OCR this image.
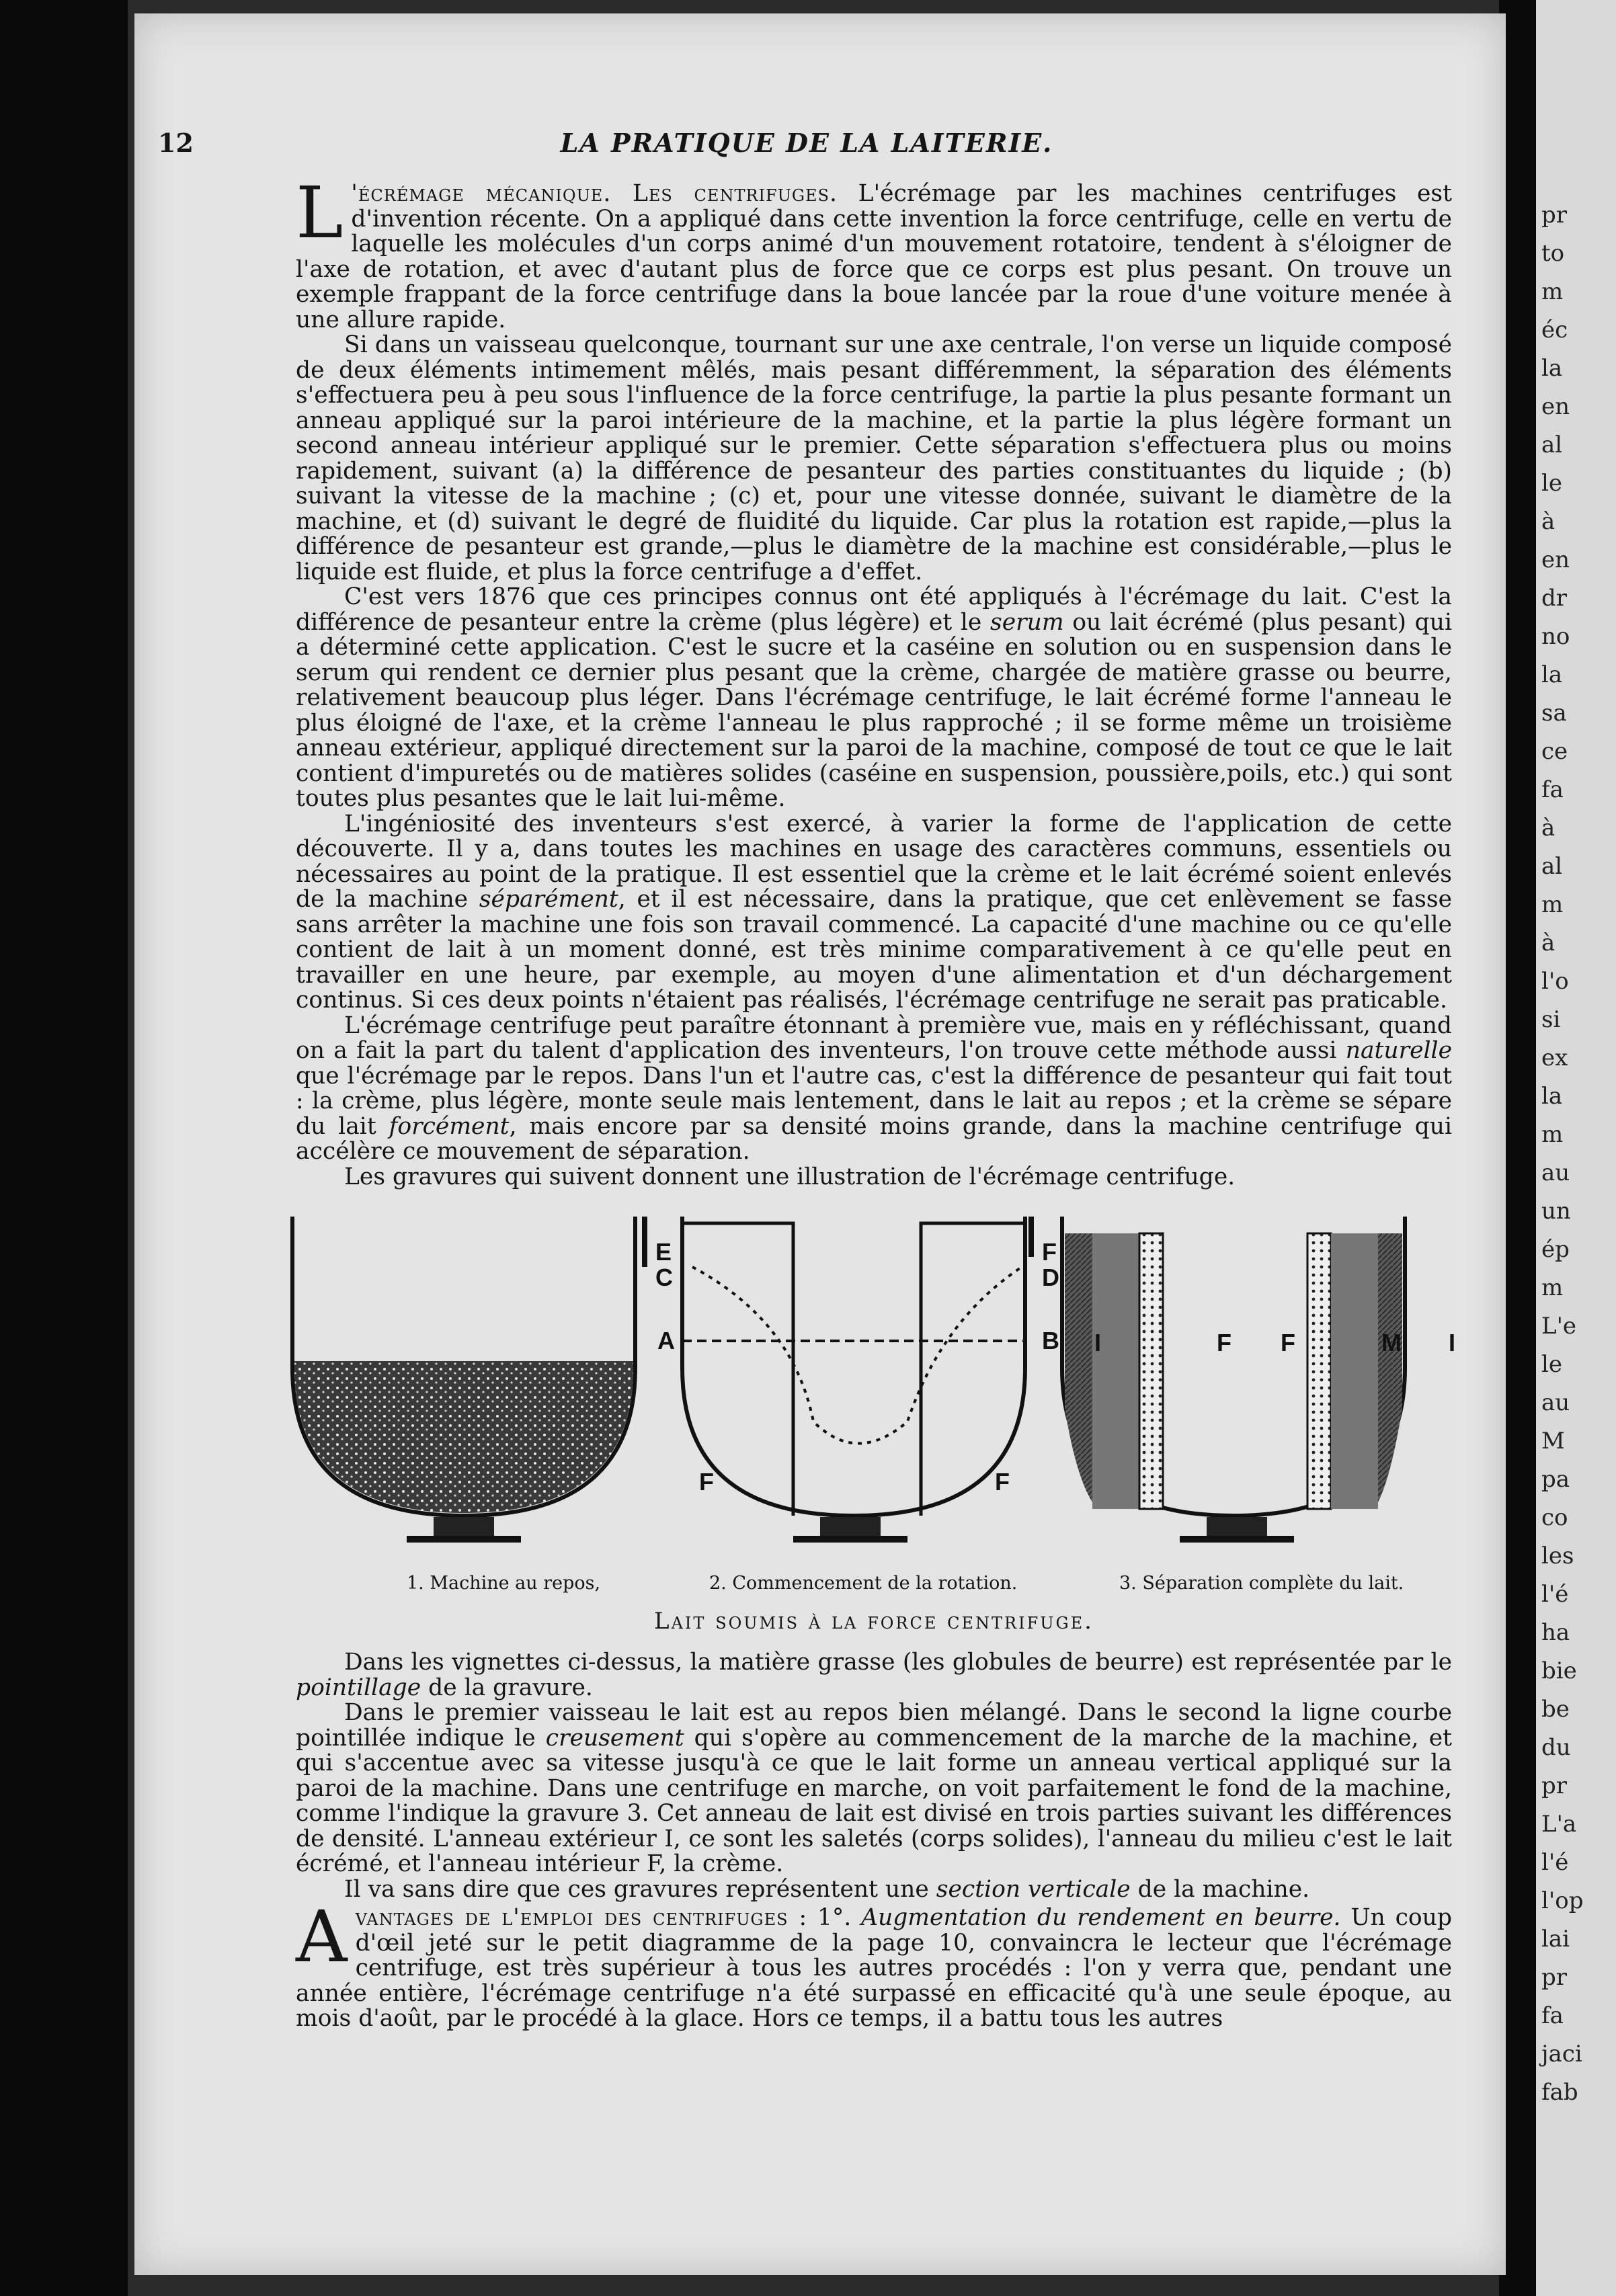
pr
to
m
éc
la
en
al
le
à
en
dr
no
la
sa
ce
fa
à
al
m
à
l'o
si
ex
la
m
au
un
ép
m
L'e
le
au
M
pa
co
les
l'é
ha
bie
be
du
pr
L'a
l'é
l'op
lai
pr
fa
jaci
fab
12	LA PRATIQUE DE LA LAITERIE.

L 'écrémage mécanique. Les centrifuges. L'écrémage par les machines centrifuges est d'invention récente. On a appliqué dans cette invention la force centrifuge, celle en vertu de laquelle les molécules d'un corps animé d'un mouvement rotatoire, tendent à s'éloigner de l'axe de rotation, et avec d'autant plus de force que ce corps est plus pesant. On trouve un exemple frappant de la force centrifuge dans la boue lancée par la roue d'une voiture menée à une allure rapide.

Si dans un vaisseau quelconque, tournant sur une axe centrale, l'on verse un liquide composé de deux éléments intimement mêlés, mais pesant différemment, la séparation des éléments s'effectuera peu à peu sous l'influence de la force centrifuge, la partie la plus pesante formant un anneau appliqué sur la paroi intérieure de la machine, et la partie la plus légère formant un second anneau intérieur appliqué sur le premier. Cette séparation s'effectuera plus ou moins rapidement, suivant (a) la différence de pesanteur des parties constituantes du liquide ; (b) suivant la vitesse de la machine ; (c) et, pour une vitesse donnée, suivant le diamètre de la machine, et (d) suivant le degré de fluidité du liquide. Car plus la rotation est rapide,—plus la différence de pesanteur est grande,—plus le diamètre de la machine est considérable,—plus le liquide est fluide, et plus la force centrifuge a d'effet.

C'est vers 1876 que ces principes connus ont été appliqués à l'écrémage du lait. C'est la différence de pesanteur entre la crème (plus légère) et le serum ou lait écrémé (plus pesant) qui a déterminé cette application. C'est le sucre et la caséine en solution ou en suspension dans le serum qui rendent ce dernier plus pesant que la crème, chargée de matière grasse ou beurre, relativement beaucoup plus léger. Dans l'écrémage centrifuge, le lait écrémé forme l'anneau le plus éloigné de l'axe, et la crème l'anneau le plus rapproché ; il se forme même un troisième anneau extérieur, appliqué directement sur la paroi de la machine, composé de tout ce que le lait contient d'impuretés ou de matières solides (caséine en suspension, poussière,poils, etc.) qui sont toutes plus pesantes que le lait lui-même.

L'ingéniosité des inventeurs s'est exercé, à varier la forme de l'application de cette découverte. Il y a, dans toutes les machines en usage des caractères communs, essentiels ou nécessaires au point de la pratique. Il est essentiel que la crème et le lait écrémé soient enlevés de la machine séparément, et il est nécessaire, dans la pratique, que cet enlèvement se fasse sans arrêter la machine une fois son travail commencé. La capacité d'une machine ou ce qu'elle contient de lait à un moment donné, est très minime comparativement à ce qu'elle peut en travailler en une heure, par exemple, au moyen d'une alimentation et d'un déchargement continus. Si ces deux points n'étaient pas réalisés, l'écrémage centrifuge ne serait pas praticable.

L'écrémage centrifuge peut paraître étonnant à première vue, mais en y réfléchissant, quand on a fait la part du talent d'application des inventeurs, l'on trouve cette méthode aussi naturelle que l'écrémage par le repos. Dans l'un et l'autre cas, c'est la différence de pesanteur qui fait tout : la crème, plus légère, monte seule mais lentement, dans le lait au repos ; et la crème se sépare du lait forcément, mais encore par sa densité moins grande, dans la machine centrifuge qui accélère ce mouvement de séparation.

Les gravures qui suivent donnent une illustration de l'écrémage centrifuge.

E
C
A
F
F
D
B
F
I	F F	M I
1. Machine au repos,	2. Commencement de la rotation.	3. Séparation complète du lait.
Lait soumis à la force centrifuge.

Dans les vignettes ci-dessus, la matière grasse (les globules de beurre) est représentée par le pointillage de la gravure.

Dans le premier vaisseau le lait est au repos bien mélangé. Dans le second la ligne courbe pointillée indique le creusement qui s'opère au commencement de la marche de la machine, et qui s'accentue avec sa vitesse jusqu'à ce que le lait forme un anneau vertical appliqué sur la paroi de la machine. Dans une centrifuge en marche, on voit parfaitement le fond de la machine, comme l'indique la gravure 3. Cet anneau de lait est divisé en trois parties suivant les différences de densité. L'anneau extérieur I, ce sont les saletés (corps solides), l'anneau du milieu c'est le lait écrémé, et l'anneau intérieur F, la crème.

Il va sans dire que ces gravures représentent une section verticale de la machine.

Avantages de l'emploi des centrifuges : 1°. Augmentation du rendement en beurre. Un coup d'œil jeté sur le petit diagramme de la page 10, convaincra le lecteur que l'écrémage centrifuge, est très supérieur à tous les autres procédés : l'on y verra que, pendant une année entière, l'écrémage centrifuge n'a été surpassé en efficacité qu'à une seule époque, au mois d'août, par le procédé à la glace. Hors ce temps, il a battu tous les autres
